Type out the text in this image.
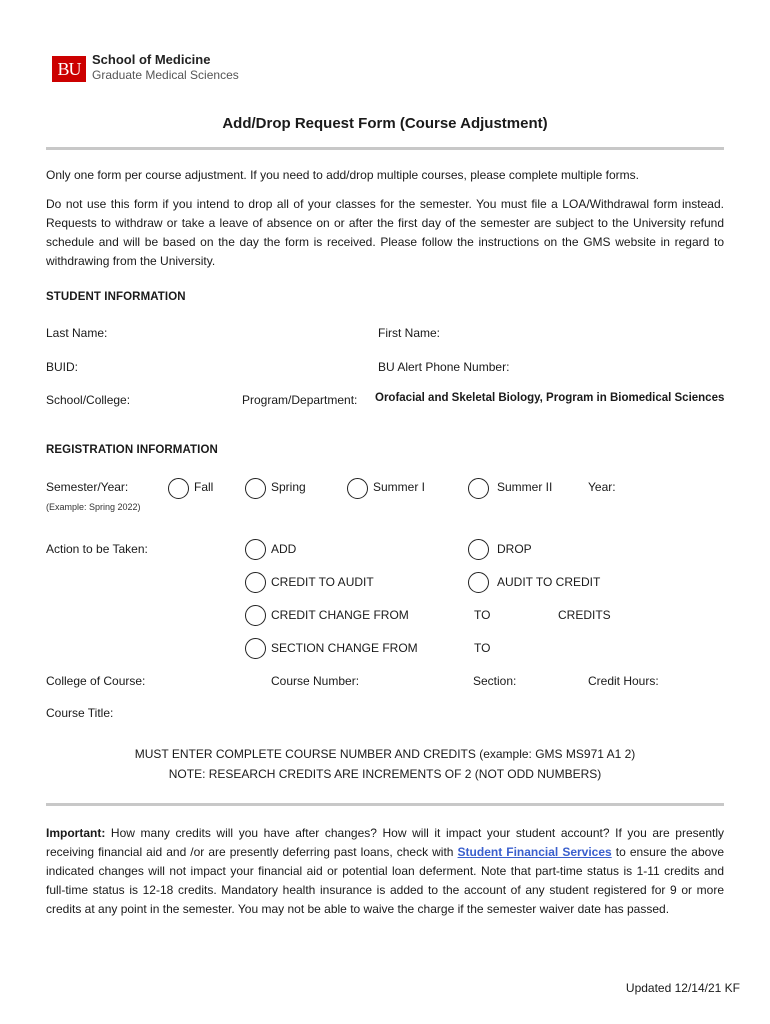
BU School of Medicine
Graduate Medical Sciences
Add/Drop Request Form (Course Adjustment)
Only one form per course adjustment. If you need to add/drop multiple courses, please complete multiple forms.
Do not use this form if you intend to drop all of your classes for the semester. You must file a LOA/Withdrawal form instead. Requests to withdraw or take a leave of absence on or after the first day of the semester are subject to the University refund schedule and will be based on the day the form is received. Please follow the instructions on the GMS website in regard to withdrawing from the University.
STUDENT INFORMATION
Last Name:	First Name:
BUID:	BU Alert Phone Number:
School/College:	Program/Department: Orofacial and Skeletal Biology, Program in Biomedical Sciences
REGISTRATION INFORMATION
Semester/Year:
(Example: Spring 2022)
Fall	Spring	Summer I	Summer II	Year:
Action to be Taken:	ADD	DROP
CREDIT TO AUDIT	AUDIT TO CREDIT
CREDIT CHANGE FROM	TO	CREDITS
SECTION CHANGE FROM	TO
College of Course:	Course Number:	Section:	Credit Hours:
Course Title:
MUST ENTER COMPLETE COURSE NUMBER AND CREDITS (example: GMS MS971 A1 2)
NOTE: RESEARCH CREDITS ARE INCREMENTS OF 2 (NOT ODD NUMBERS)
Important: How many credits will you have after changes? How will it impact your student account? If you are presently receiving financial aid and /or are presently deferring past loans, check with Student Financial Services to ensure the above indicated changes will not impact your financial aid or potential loan deferment. Note that part-time status is 1-11 credits and full-time status is 12-18 credits. Mandatory health insurance is added to the account of any student registered for 9 or more credits at any point in the semester. You may not be able to waive the charge if the semester waiver date has passed.
Updated 12/14/21 KF
